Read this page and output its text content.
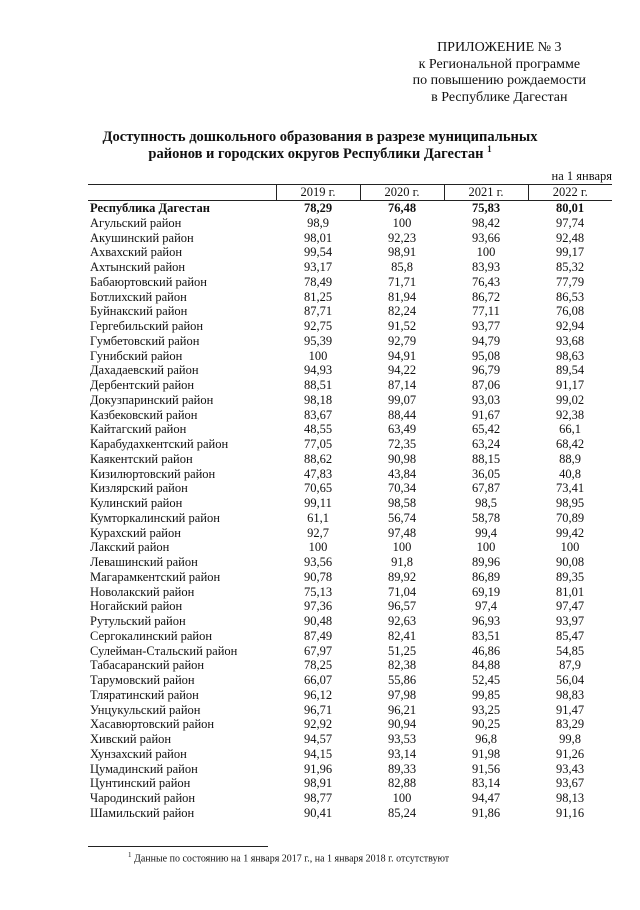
ПРИЛОЖЕНИЕ № 3
к Региональной программе
по повышению рождаемости
в Республике Дагестан
Доступность дошкольного образования в разрезе муниципальных
районов и городских округов Республики Дагестан $^1$
на 1 января
	2019 г.	2020 г.	2021 г.	2022 г.
Республика Дагестан	78,29	76,48	75,83	80,01
Агульский район	98,9	100	98,42	97,74
Акушинский район	98,01	92,23	93,66	92,48
Ахвахский район	99,54	98,91	100	99,17
Ахтынский район	93,17	85,8	83,93	85,32
Бабаюртовский район	78,49	71,71	76,43	77,79
Ботлихский район	81,25	81,94	86,72	86,53
Буйнакский район	87,71	82,24	77,11	76,08
Гергебильский район	92,75	91,52	93,77	92,94
Гумбетовский район	95,39	92,79	94,79	93,68
Гунибский район	100	94,91	95,08	98,63
Дахадаевский район	94,93	94,22	96,79	89,54
Дербентский район	88,51	87,14	87,06	91,17
Докузпаринский район	98,18	99,07	93,03	99,02
Казбековский район	83,67	88,44	91,67	92,38
Кайтагский район	48,55	63,49	65,42	66,1
Карабудахкентский район	77,05	72,35	63,24	68,42
Каякентский район	88,62	90,98	88,15	88,9
Кизилюртовский район	47,83	43,84	36,05	40,8
Кизлярский район	70,65	70,34	67,87	73,41
Кулинский район	99,11	98,58	98,5	98,95
Кумторкалинский район	61,1	56,74	58,78	70,89
Курахский район	92,7	97,48	99,4	99,42
Лакский район	100	100	100	100
Левашинский район	93,56	91,8	89,96	90,08
Магарамкентский район	90,78	89,92	86,89	89,35
Новолакский район	75,13	71,04	69,19	81,01
Ногайский район	97,36	96,57	97,4	97,47
Рутульский район	90,48	92,63	96,93	93,97
Сергокалинский район	87,49	82,41	83,51	85,47
Сулейман-Стальский район	67,97	51,25	46,86	54,85
Табасаранский район	78,25	82,38	84,88	87,9
Тарумовский район	66,07	55,86	52,45	56,04
Тляратинский район	96,12	97,98	99,85	98,83
Унцукульский район	96,71	96,21	93,25	91,47
Хасавюртовский район	92,92	90,94	90,25	83,29
Хивский район	94,57	93,53	96,8	99,8
Хунзахский район	94,15	93,14	91,98	91,26
Цумадинский район	91,96	89,33	91,56	93,43
Цунтинский район	98,91	82,88	83,14	93,67
Чародинский район	98,77	100	94,47	98,13
Шамильский район	90,41	85,24	91,86	91,16
$^1$ Данные по состоянию на 1 января 2017 г., на 1 января 2018 г. отсутствуют
